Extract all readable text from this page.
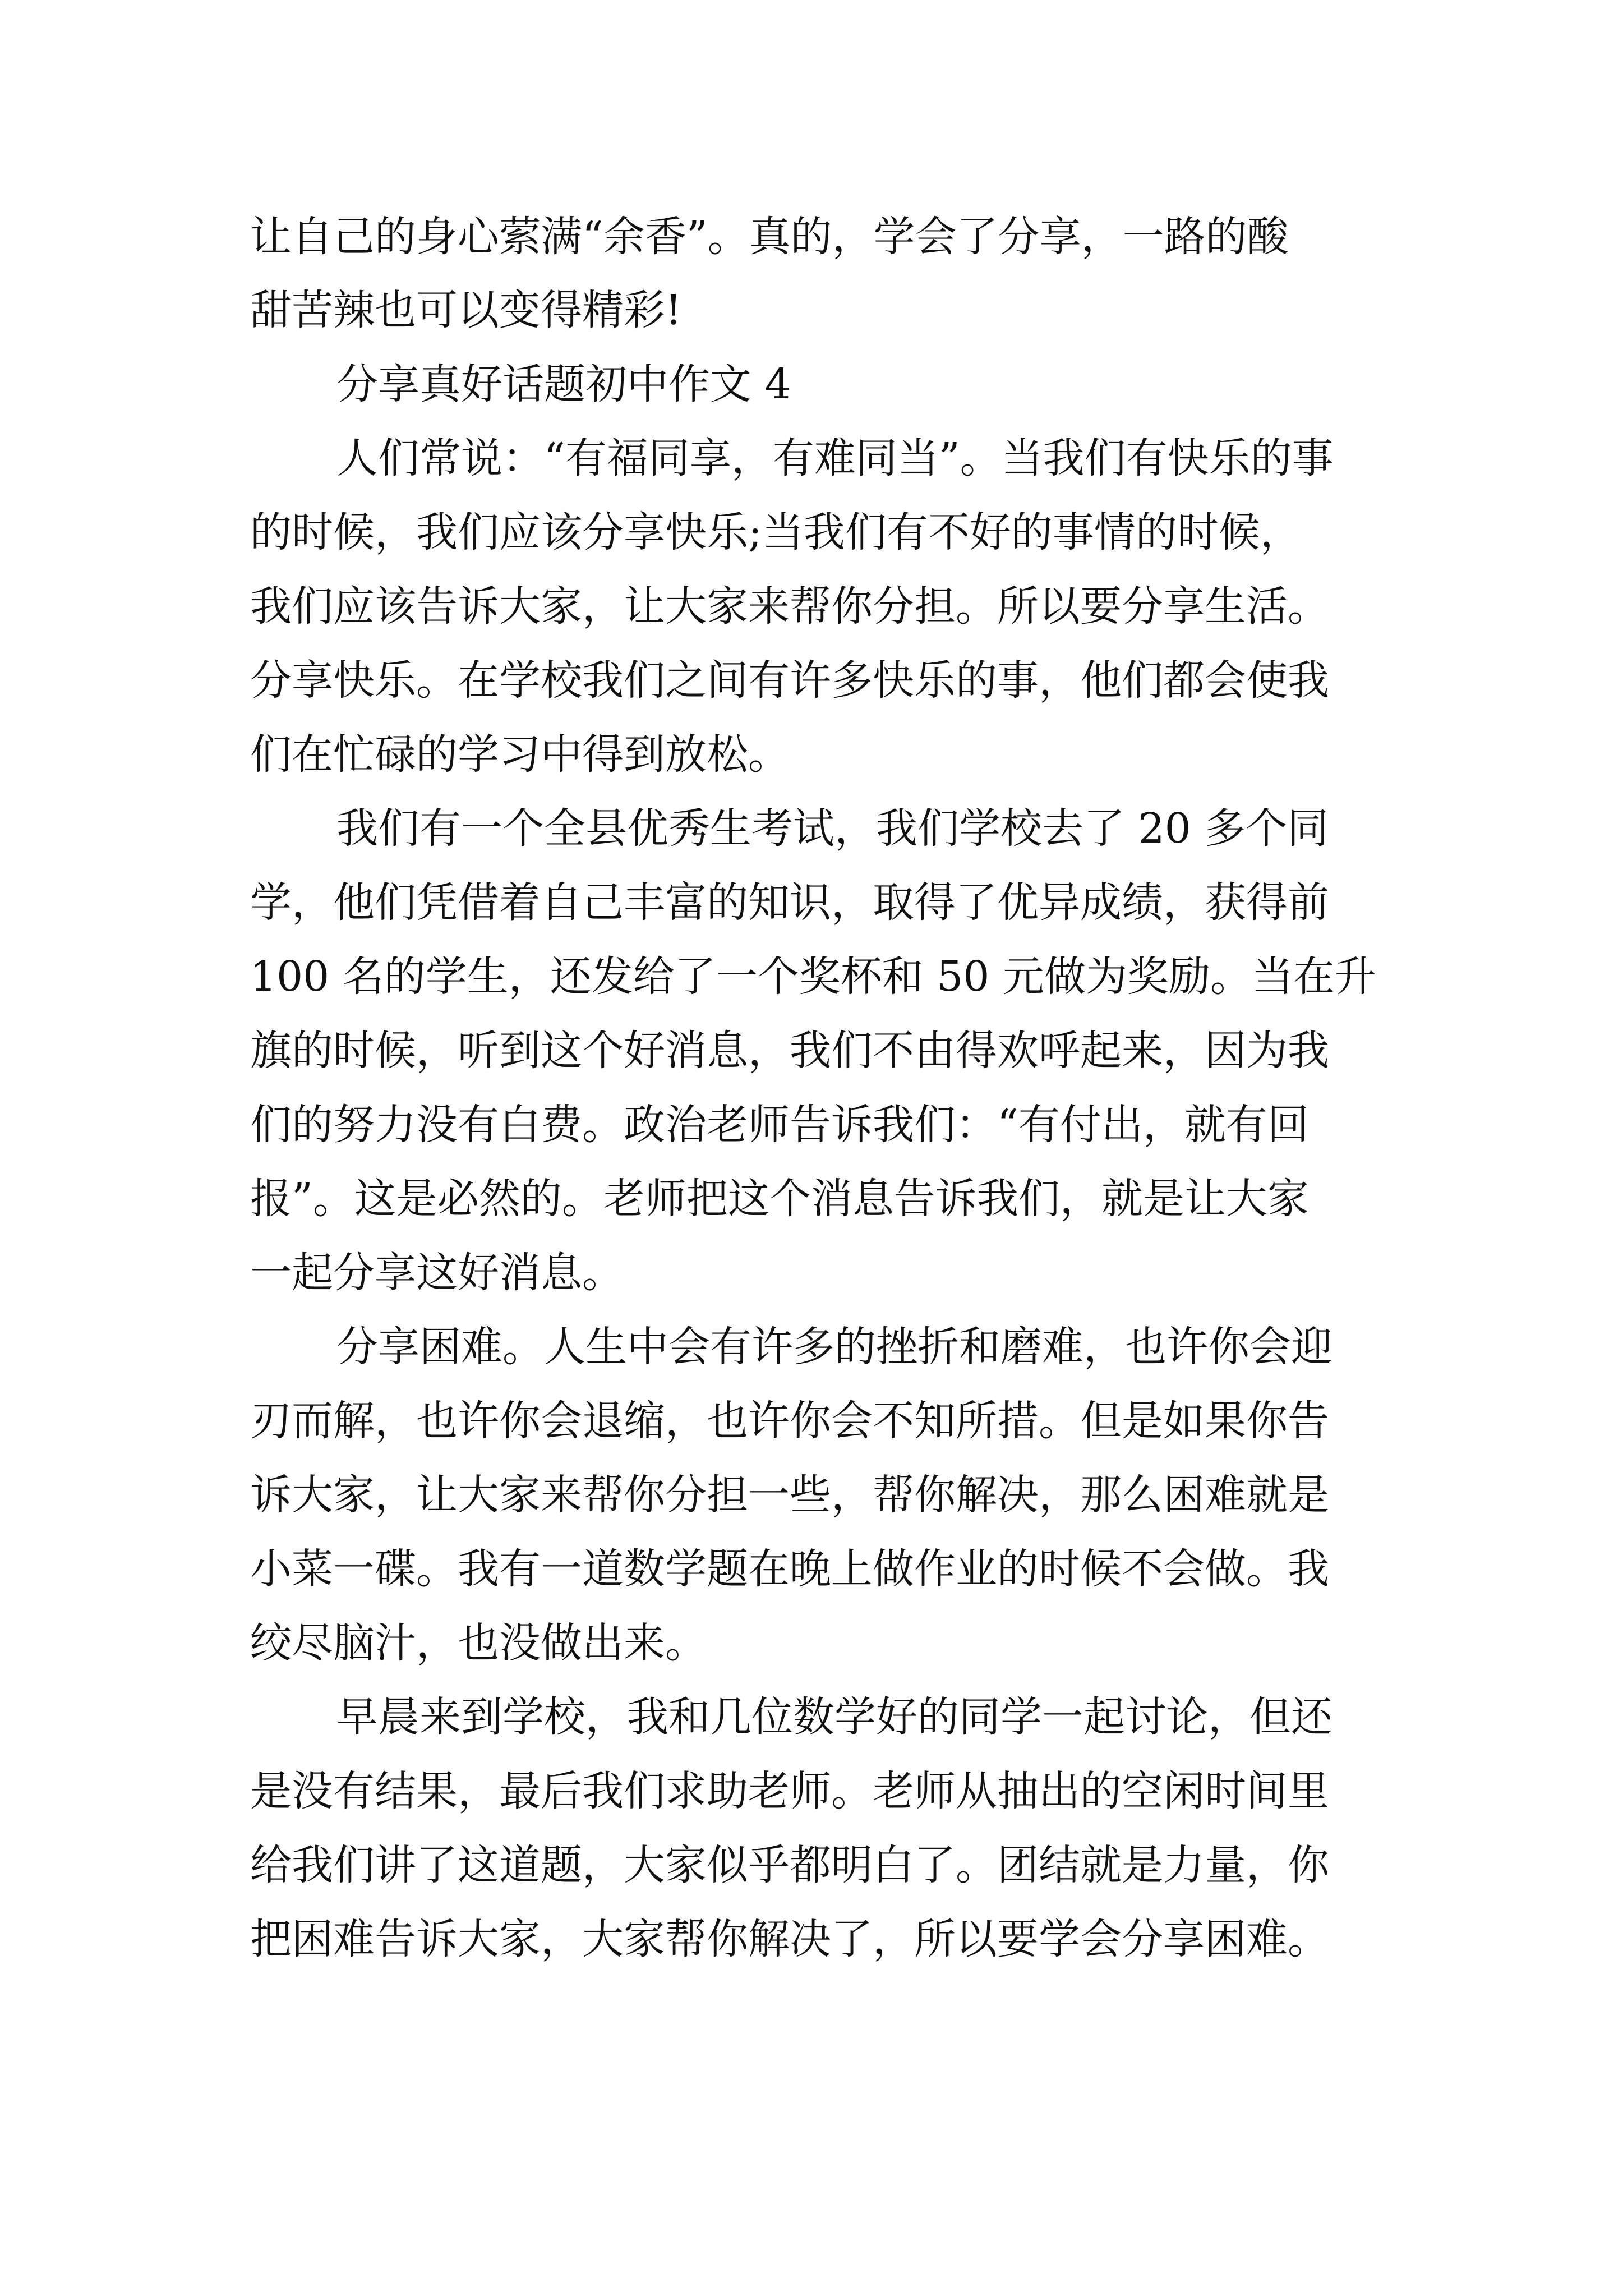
让自己的身心萦满“余香”。真的，学会了分享，一路的酸
甜苦辣也可以变得精彩!
分享真好话题初中作文 4
人们常说：“有福同享，有难同当”。当我们有快乐的事
的时候，我们应该分享快乐;当我们有不好的事情的时候，
我们应该告诉大家，让大家来帮你分担。所以要分享生活。
分享快乐。在学校我们之间有许多快乐的事，他们都会使我
们在忙碌的学习中得到放松。
我们有一个全县优秀生考试，我们学校去了 20 多个同
学，他们凭借着自己丰富的知识，取得了优异成绩，获得前
100 名的学生，还发给了一个奖杯和 50 元做为奖励。当在升
旗的时候，听到这个好消息，我们不由得欢呼起来，因为我
们的努力没有白费。政治老师告诉我们：“有付出，就有回
报”。这是必然的。老师把这个消息告诉我们，就是让大家
一起分享这好消息。
分享困难。人生中会有许多的挫折和磨难，也许你会迎
刃而解，也许你会退缩，也许你会不知所措。但是如果你告
诉大家，让大家来帮你分担一些，帮你解决，那么困难就是
小菜一碟。我有一道数学题在晚上做作业的时候不会做。我
绞尽脑汁，也没做出来。
早晨来到学校，我和几位数学好的同学一起讨论，但还
是没有结果，最后我们求助老师。老师从抽出的空闲时间里
给我们讲了这道题，大家似乎都明白了。团结就是力量，你
把困难告诉大家，大家帮你解决了，所以要学会分享困难。
